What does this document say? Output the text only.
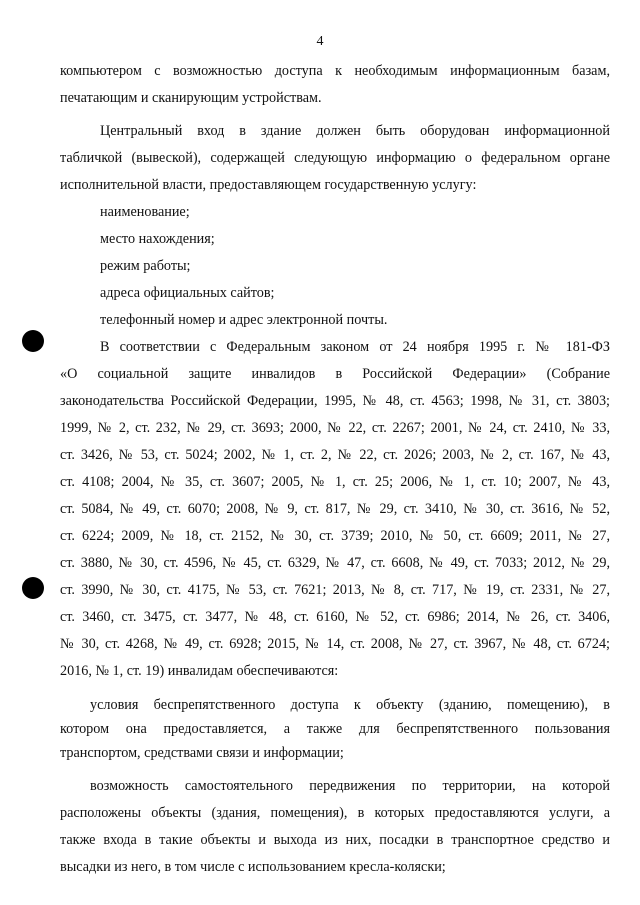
4
компьютером с возможностью доступа к необходимым информационным базам,
печатающим и сканирующим устройствам.
Центральный вход в здание должен быть оборудован информационной
табличкой (вывеской), содержащей следующую информацию о федеральном органе
исполнительной власти, предоставляющем государственную услугу:
наименование;
место нахождения;
режим работы;
адреса официальных сайтов;
телефонный номер и адрес электронной почты.
В соответствии с Федеральным законом от 24 ноября 1995 г. № 181-ФЗ
«О социальной защите инвалидов в Российской Федерации» (Собрание
законодательства Российской Федерации, 1995, № 48, ст. 4563; 1998, № 31, ст. 3803;
1999, № 2, ст. 232, № 29, ст. 3693; 2000, № 22, ст. 2267; 2001, № 24, ст. 2410, № 33,
ст. 3426, № 53, ст. 5024; 2002, № 1, ст. 2, № 22, ст. 2026; 2003, № 2, ст. 167, № 43,
ст. 4108; 2004, № 35, ст. 3607; 2005, № 1, ст. 25; 2006, № 1, ст. 10; 2007, № 43,
ст. 5084, № 49, ст. 6070; 2008, № 9, ст. 817, № 29, ст. 3410, № 30, ст. 3616, № 52,
ст. 6224; 2009, № 18, ст. 2152, № 30, ст. 3739; 2010, № 50, ст. 6609; 2011, № 27,
ст. 3880, № 30, ст. 4596, № 45, ст. 6329, № 47, ст. 6608, № 49, ст. 7033; 2012, № 29,
ст. 3990, № 30, ст. 4175, № 53, ст. 7621; 2013, № 8, ст. 717, № 19, ст. 2331, № 27,
ст. 3460, ст. 3475, ст. 3477, № 48, ст. 6160, № 52, ст. 6986; 2014, № 26, ст. 3406,
№ 30, ст. 4268, № 49, ст. 6928; 2015, № 14, ст. 2008, № 27, ст. 3967, № 48, ст. 6724;
2016, № 1, ст. 19) инвалидам обеспечиваются:
условия беспрепятственного доступа к объекту (зданию, помещению), в
котором она предоставляется, а также для беспрепятственного пользования
транспортом, средствами связи и информации;
возможность самостоятельного передвижения по территории, на которой
расположены объекты (здания, помещения), в которых предоставляются услуги, а
также входа в такие объекты и выхода из них, посадки в транспортное средство и
высадки из него, в том числе с использованием кресла-коляски;
